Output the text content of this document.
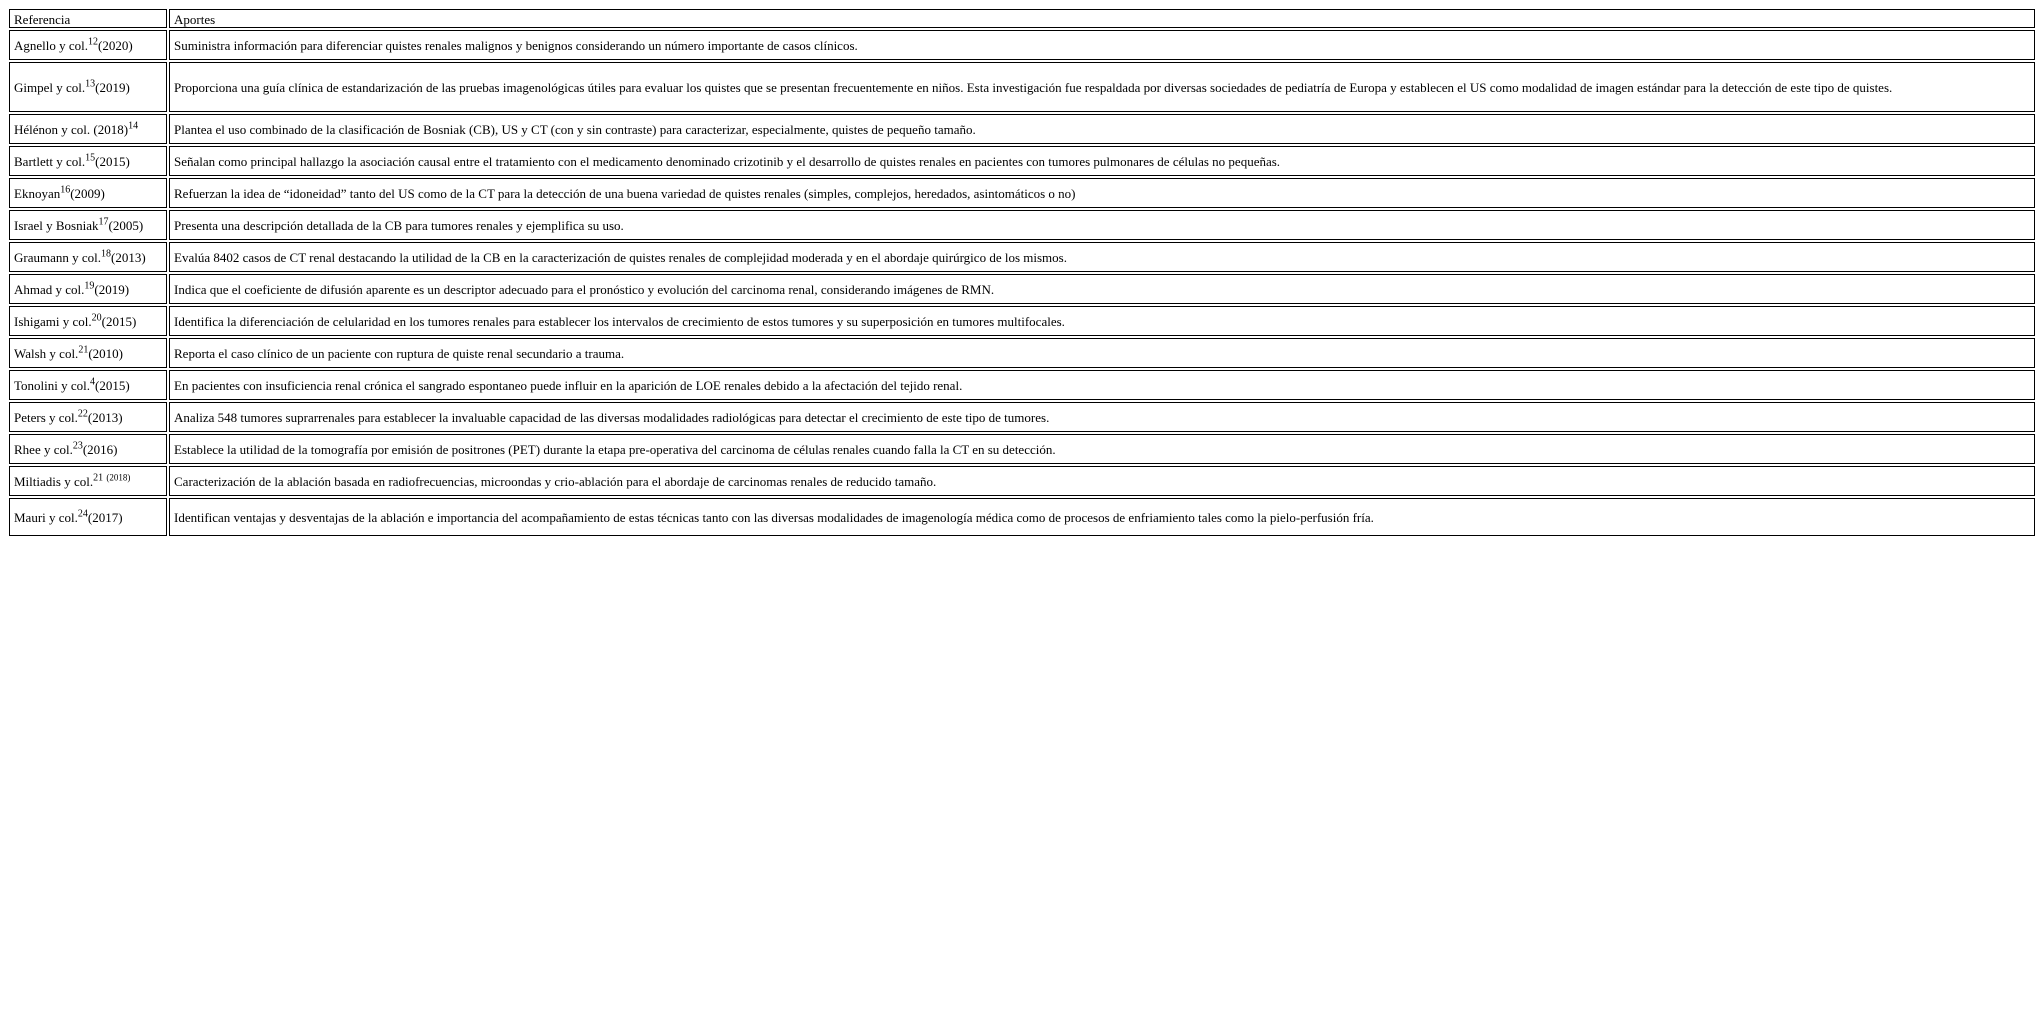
Referencia	Aportes
Agnello y col.$^{12}$(2020)	Suministra información para diferenciar quistes renales malignos y benignos considerando un número importante de casos clínicos.
Gimpel y col.$^{13}$(2019)	Proporciona una guía clínica de estandarización de las pruebas imagenológicas útiles para evaluar los quistes que se presentan frecuentemente en niños. Esta investigación fue respaldada por diversas sociedades de pediatría de Europa y establecen el US como modalidad de imagen estándar para la detección de este tipo de quistes.
Hélénon y col. $(2018)^{14}$	Plantea el uso combinado de la clasificación de Bosniak (CB), US y CT (con y sin contraste) para caracterizar, especialmente, quistes de pequeño tamaño.
Bartlett y col.$^{15}$(2015)	Señalan como principal hallazgo la asociación causal entre el tratamiento con el medicamento denominado crizotinib y el desarrollo de quistes renales en pacientes con tumores pulmonares de células no pequeñas.
Eknoyan$^{16}$(2009)	Refuerzan la idea de “idoneidad” tanto del US como de la CT para la detección de una buena variedad de quistes renales (simples, complejos, heredados, asintomáticos o no)
Israel y Bosniak$^{17}$(2005)	Presenta una descripción detallada de la CB para tumores renales y ejemplifica su uso.
Graumann y col.$^{18}$(2013)	Evalúa 8402 casos de CT renal destacando la utilidad de la CB en la caracterización de quistes renales de complejidad moderada y en el abordaje quirúrgico de los mismos.
Ahmad y col.$^{19}$(2019)	Indica que el coeficiente de difusión aparente es un descriptor adecuado para el pronóstico y evolución del carcinoma renal, considerando imágenes de RMN.
Ishigami y col.$^{20}$(2015)	Identifica la diferenciación de celularidad en los tumores renales para establecer los intervalos de crecimiento de estos tumores y su superposición en tumores multifocales.
Walsh y col.$^{21}$(2010)	Reporta el caso clínico de un paciente con ruptura de quiste renal secundario a trauma.
Tonolini y col.$^4$(2015)	En pacientes con insuficiencia renal crónica el sangrado espontaneo puede influir en la aparición de LOE renales debido a la afectación del tejido renal.
Peters y col.$^{22}$(2013)	Analiza 548 tumores suprarrenales para establecer la invaluable capacidad de las diversas modalidades radiológicas para detectar el crecimiento de este tipo de tumores.
Rhee y col.$^{23}$(2016)	Establece la utilidad de la tomografía por emisión de positrones (PET) durante la etapa pre-operativa del carcinoma de células renales cuando falla la CT en su detección.
Miltiadis y col.$^{21}$ $^{(2018)}$	Caracterización de la ablación basada en radiofrecuencias, microondas y crio-ablación para el abordaje de carcinomas renales de reducido tamaño.
Mauri y col.$^{24}$(2017)	Identifican ventajas y desventajas de la ablación e importancia del acompañamiento de estas técnicas tanto con las diversas modalidades de imagenología médica como de procesos de enfriamiento tales como la pielo-perfusión fría.
